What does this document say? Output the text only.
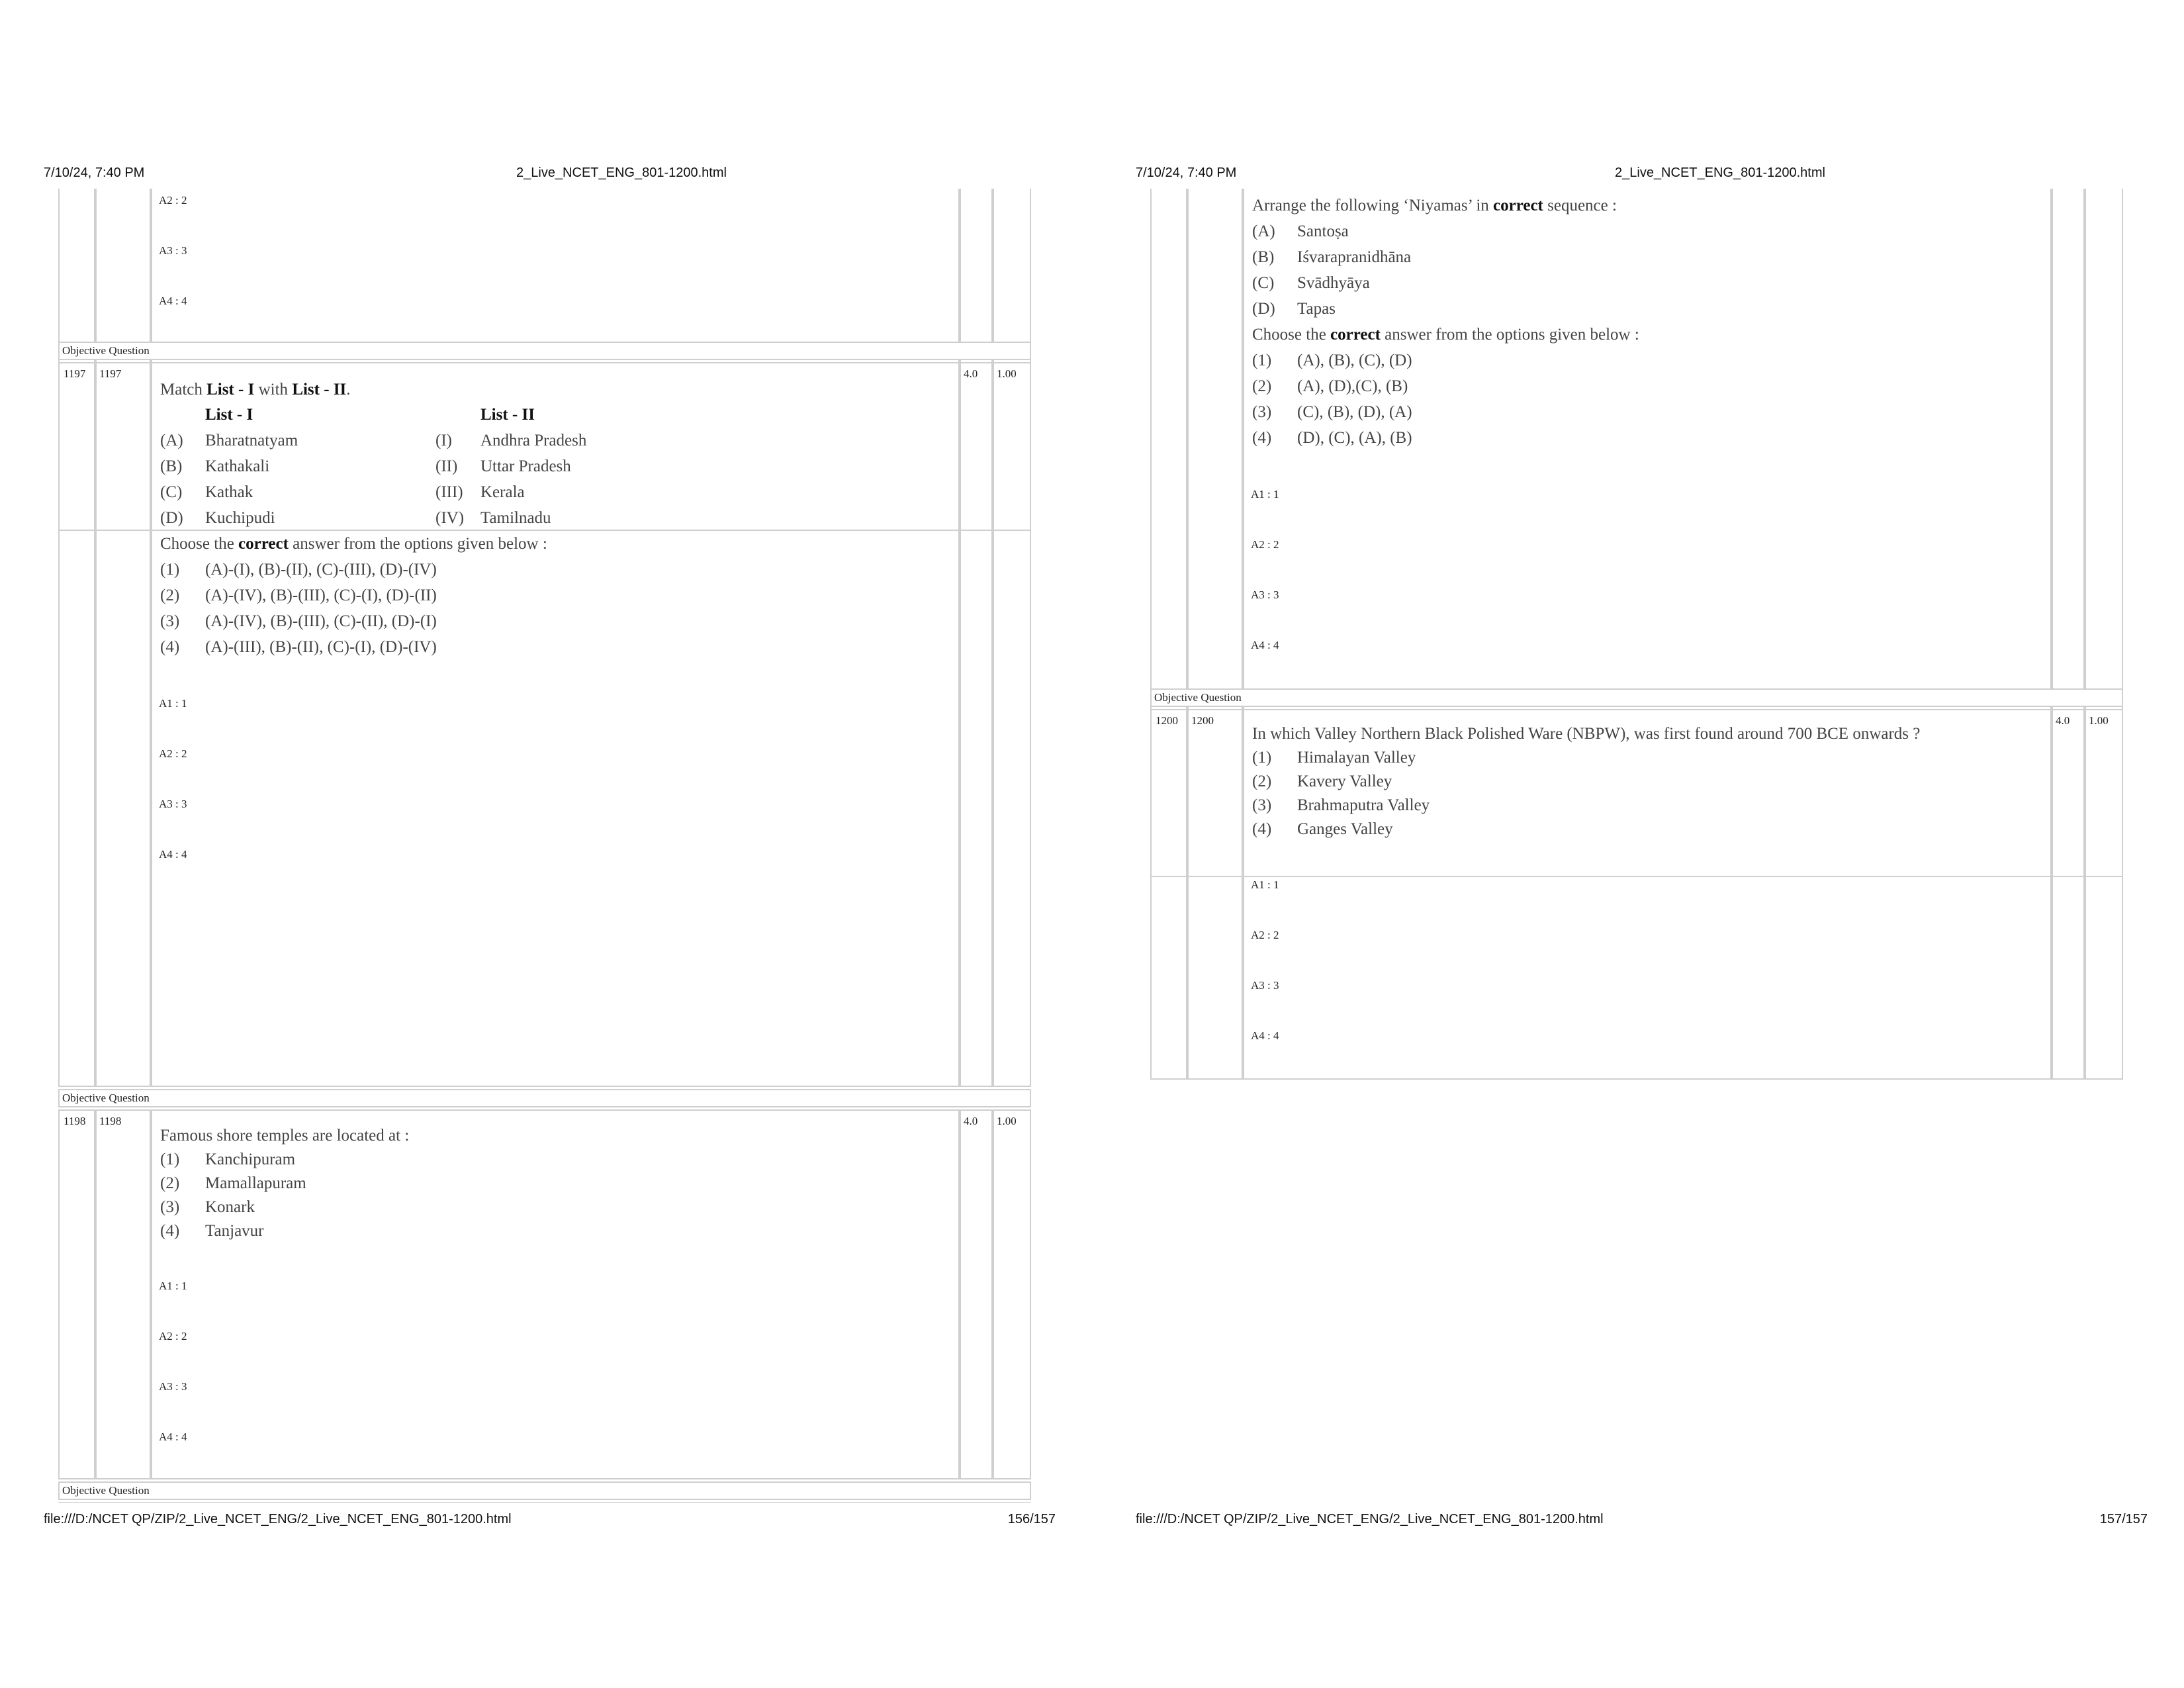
7/10/24, 7:40 PM	2_Live_NCET_ENG_801-1200.html
A2 : 2
A3 : 3
A4 : 4
Objective Question
1197 1197	4.0 1.00
Match List - I with List - II.
List - I	List - II
(A) Bharatnatyam	(I) Andhra Pradesh
(B) Kathakali	(II) Uttar Pradesh
(C) Kathak	(III) Kerala
(D) Kuchipudi	(IV) Tamilnadu
Choose the correct answer from the options given below :
(1) (A)-(I), (B)-(II), (C)-(III), (D)-(IV)
(2) (A)-(IV), (B)-(III), (C)-(I), (D)-(II)
(3) (A)-(IV), (B)-(III), (C)-(II), (D)-(I)
(4) (A)-(III), (B)-(II), (C)-(I), (D)-(IV)
A1 : 1
A2 : 2
A3 : 3
A4 : 4
Objective Question
1198 1198	4.0 1.00
Famous shore temples are located at :
(1) Kanchipuram
(2) Mamallapuram
(3) Konark
(4) Tanjavur
A1 : 1
A2 : 2
A3 : 3
A4 : 4
Objective Question
file:///D:/NCET QP/ZIP/2_Live_NCET_ENG/2_Live_NCET_ENG_801-1200.html	156/157
7/10/24, 7:40 PM	2_Live_NCET_ENG_801-1200.html
Arrange the following ‘Niyamas’ in correct sequence :
(A) Santoṣa
(B) Iśvarapranidhāna
(C) Svādhyāya
(D) Tapas
Choose the correct answer from the options given below :
(1) (A), (B), (C), (D)
(2) (A), (D),(C), (B)
(3) (C), (B), (D), (A)
(4) (D), (C), (A), (B)
A1 : 1
A2 : 2
A3 : 3
A4 : 4
Objective Question
1200 1200	4.0 1.00
In which Valley Northern Black Polished Ware (NBPW), was first found around 700 BCE onwards ?
(1) Himalayan Valley
(2) Kavery Valley
(3) Brahmaputra Valley
(4) Ganges Valley
A1 : 1
A2 : 2
A3 : 3
A4 : 4
file:///D:/NCET QP/ZIP/2_Live_NCET_ENG/2_Live_NCET_ENG_801-1200.html	157/157
